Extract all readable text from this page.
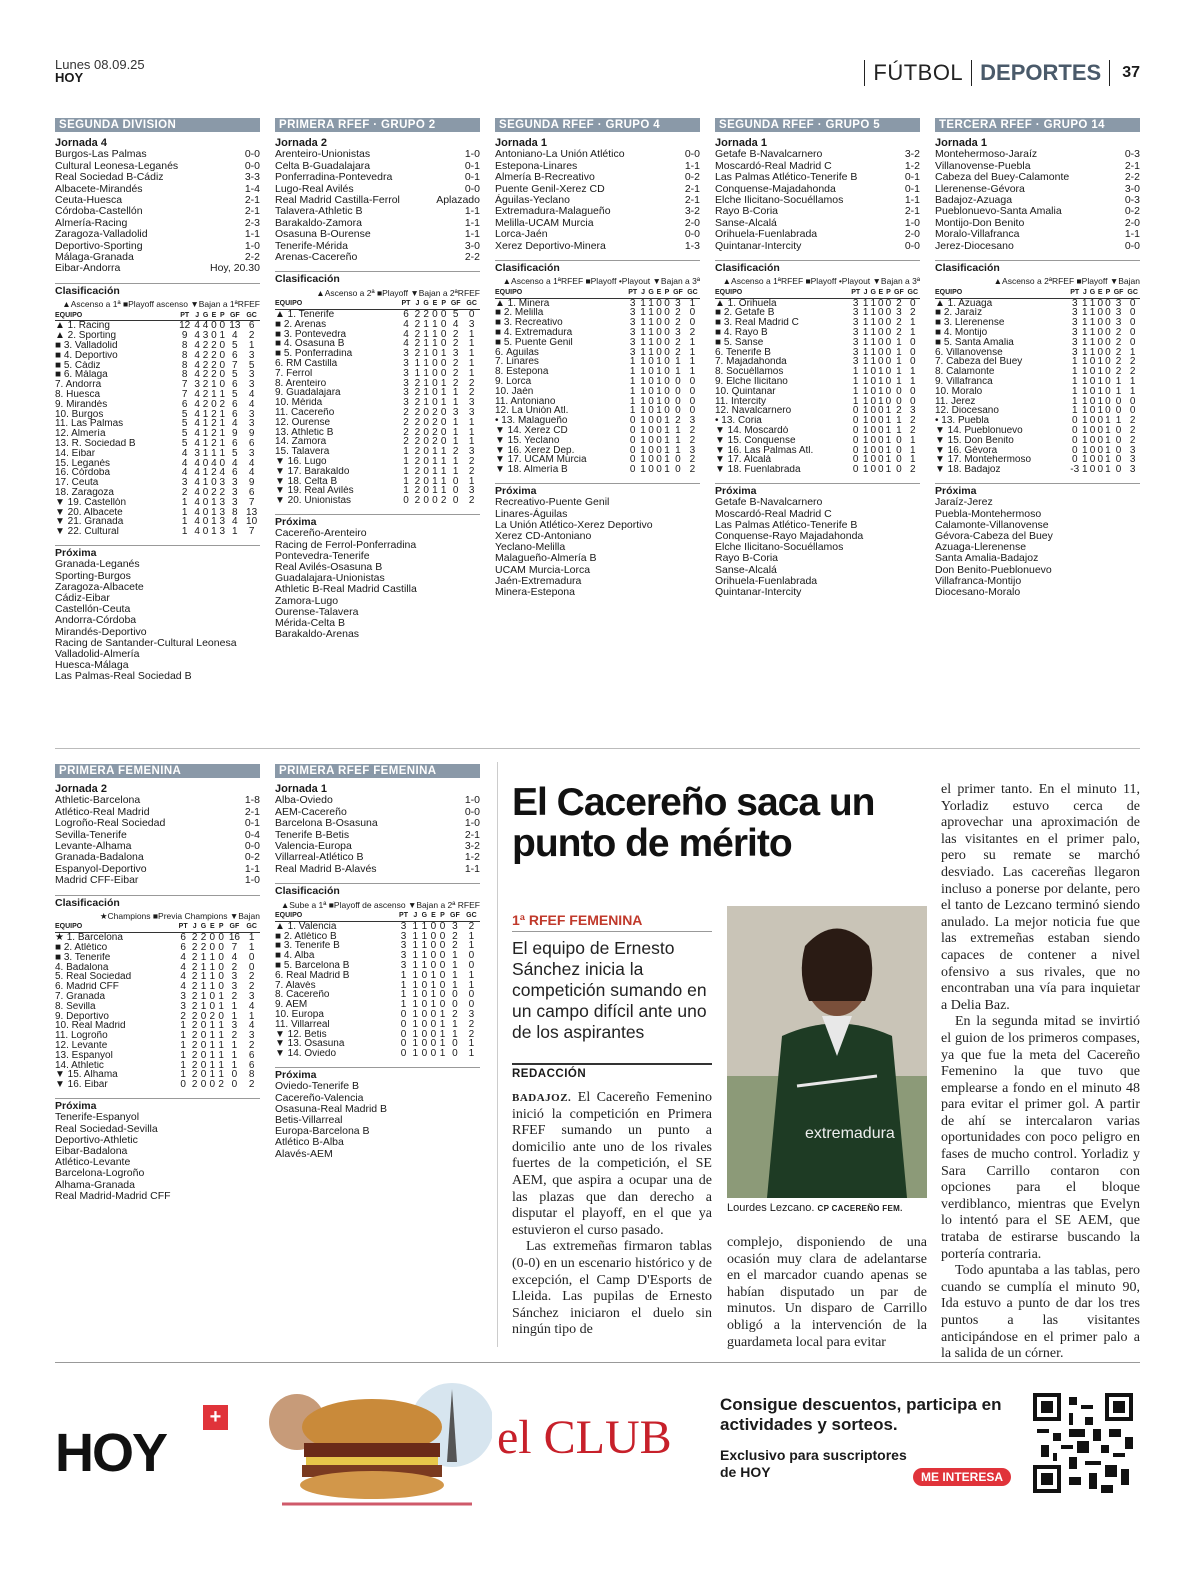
Lunes 08.09.25
HOY	FÚTBOL DEPORTES 37
SEGUNDA DIVISION
Jornada 4
Burgos-Las Palmas	0-0
Cultural Leonesa-Leganés	0-0
Real Sociedad B-Cádiz	3-3
Albacete-Mirandés	1-4
Ceuta-Huesca	2-1
Córdoba-Castellón	2-1
Almería-Racing	2-3
Zaragoza-Valladolid	1-1
Deportivo-Sporting	1-0
Málaga-Granada	2-2
Eibar-Andorra	Hoy, 20.30
Clasificación
▲Ascenso a 1ª ■Playoff ascenso ▼Bajan a 1ªRFEF
EQUIPO	PT	J	G	E	P	GF	GC
▲ 1. Racing	12	4	4	0	0	13	6
▲ 2. Sporting	9	4	3	0	1	4	2
■ 3. Valladolid	8	4	2	2	0	5	1
■ 4. Deportivo	8	4	2	2	0	6	3
■ 5. Cádiz	8	4	2	2	0	7	5
■ 6. Málaga	8	4	2	2	0	5	3
7. Andorra	7	3	2	1	0	6	3
8. Huesca	7	4	2	1	1	5	4
9. Mirandés	6	4	2	0	2	6	4
10. Burgos	5	4	1	2	1	6	3
11. Las Palmas	5	4	1	2	1	4	3
12. Almería	5	4	1	2	1	9	9
13. R. Sociedad B	5	4	1	2	1	6	6
14. Eibar	4	3	1	1	1	5	3
15. Leganés	4	4	0	4	0	4	4
16. Córdoba	4	4	1	2	4	6	4
17. Ceuta	3	4	1	0	3	3	9
18. Zaragoza	2	4	0	2	2	3	6
▼ 19. Castellón	1	4	0	1	3	3	7
▼ 20. Albacete	1	4	0	1	3	8	13
▼ 21. Granada	1	4	0	1	3	4	10
▼ 22. Cultural	1	4	0	1	3	1	7
Próxima
Granada-Leganés
Sporting-Burgos
Zaragoza-Albacete
Cádiz-Eibar
Castellón-Ceuta
Andorra-Córdoba
Mirandés-Deportivo
Racing de Santander-Cultural Leonesa
Valladolid-Almería
Huesca-Málaga
Las Palmas-Real Sociedad B
PRIMERA RFEF · GRUPO 2
Jornada 2
Arenteiro-Unionistas	1-0
Celta B-Guadalajara	0-1
Ponferradina-Pontevedra	0-1
Lugo-Real Avilés	0-0
Real Madrid Castilla-Ferrol	Aplazado
Talavera-Athletic B	1-1
Barakaldo-Zamora	1-1
Osasuna B-Ourense	1-1
Tenerife-Mérida	3-0
Arenas-Cacereño	2-2
Clasificación
▲Ascenso a 2ª ■Playoff ▼Bajan a 2ªRFEF
EQUIPO	PT	J	G	E	P	GF	GC
▲ 1. Tenerife	6	2	2	0	0	5	0
■ 2. Arenas	4	2	1	1	0	4	3
■ 3. Pontevedra	4	2	1	1	0	2	1
■ 4. Osasuna B	4	2	1	1	0	2	1
■ 5. Ponferradina	3	2	1	0	1	3	1
6. RM Castilla	3	1	1	0	0	2	1
7. Ferrol	3	1	1	0	0	2	1
8. Arenteiro	3	2	1	0	1	2	2
9. Guadalajara	3	2	1	0	1	1	2
10. Mérida	3	2	1	0	1	1	3
11. Cacereño	2	2	0	2	0	3	3
12. Ourense	2	2	0	2	0	1	1
13. Athletic B	2	2	0	2	0	1	1
14. Zamora	2	2	0	2	0	1	1
15. Talavera	1	2	0	1	1	2	3
▼ 16. Lugo	1	2	0	1	1	1	2
▼ 17. Barakaldo	1	2	0	1	1	1	2
▼ 18. Celta B	1	2	0	1	1	0	1
▼ 19. Real Avilés	1	2	0	1	1	0	3
▼ 20. Unionistas	0	2	0	0	2	0	2
Próxima
Cacereño-Arenteiro
Racing de Ferrol-Ponferradina
Pontevedra-Tenerife
Real Avilés-Osasuna B
Guadalajara-Unionistas
Athletic B-Real Madrid Castilla
Zamora-Lugo
Ourense-Talavera
Mérida-Celta B
Barakaldo-Arenas
SEGUNDA RFEF · GRUPO 4
Jornada 1
Antoniano-La Unión Atlético	0-0
Estepona-Linares	1-1
Almería B-Recreativo	0-2
Puente Genil-Xerez CD	2-1
Águilas-Yeclano	2-1
Extremadura-Malagueño	3-2
Melilla-UCAM Murcia	2-0
Lorca-Jaén	0-0
Xerez Deportivo-Minera	1-3
Clasificación
▲Ascenso a 1ªRFEF ■Playoff •Playout ▼Bajan a 3ª
EQUIPO	PT	J	G	E	P	GF	GC
▲ 1. Minera	3	1	1	0	0	3	1
■ 2. Melilla	3	1	1	0	0	2	0
■ 3. Recreativo	3	1	1	0	0	2	0
■ 4. Extremadura	3	1	1	0	0	3	2
■ 5. Puente Genil	3	1	1	0	0	2	1
6. Águilas	3	1	1	0	0	2	1
7. Linares	1	1	0	1	0	1	1
8. Estepona	1	1	0	1	0	1	1
9. Lorca	1	1	0	1	0	0	0
10. Jaén	1	1	0	1	0	0	0
11. Antoniano	1	1	0	1	0	0	0
12. La Unión Atl.	1	1	0	1	0	0	0
• 13. Malagueño	0	1	0	0	1	2	3
▼ 14. Xerez CD	0	1	0	0	1	1	2
▼ 15. Yeclano	0	1	0	0	1	1	2
▼ 16. Xerez Dep.	0	1	0	0	1	1	3
▼ 17. UCAM Murcia	0	1	0	0	1	0	2
▼ 18. Almería B	0	1	0	0	1	0	2
Próxima
Recreativo-Puente Genil
Linares-Águilas
La Unión Atlético-Xerez Deportivo
Xerez CD-Antoniano
Yeclano-Melilla
Malagueño-Almería B
UCAM Murcia-Lorca
Jaén-Extremadura
Minera-Estepona
SEGUNDA RFEF · GRUPO 5
Jornada 1
Getafe B-Navalcarnero	3-2
Moscardó-Real Madrid C	1-2
Las Palmas Atlético-Tenerife B	0-1
Conquense-Majadahonda	0-1
Elche Ilicitano-Socuéllamos	1-1
Rayo B-Coria	2-1
Sanse-Alcalá	1-0
Orihuela-Fuenlabrada	2-0
Quintanar-Intercity	0-0
Clasificación
▲Ascenso a 1ªRFEF ■Playoff •Playout ▼Bajan a 3ª
EQUIPO	PT	J	G	E	P	GF	GC
▲ 1. Orihuela	3	1	1	0	0	2	0
■ 2. Getafe B	3	1	1	0	0	3	2
■ 3. Real Madrid C	3	1	1	0	0	2	1
■ 4. Rayo B	3	1	1	0	0	2	1
■ 5. Sanse	3	1	1	0	0	1	0
6. Tenerife B	3	1	1	0	0	1	0
7. Majadahonda	3	1	1	0	0	1	0
8. Socuéllamos	1	1	0	1	0	1	1
9. Elche Ilicitano	1	1	0	1	0	1	1
10. Quintanar	1	1	0	1	0	0	0
11. Intercity	1	1	0	1	0	0	0
12. Navalcarnero	0	1	0	0	1	2	3
• 13. Coria	0	1	0	0	1	1	2
▼ 14. Moscardó	0	1	0	0	1	1	2
▼ 15. Conquense	0	1	0	0	1	0	1
▼ 16. Las Palmas Atl.	0	1	0	0	1	0	1
▼ 17. Alcalá	0	1	0	0	1	0	1
▼ 18. Fuenlabrada	0	1	0	0	1	0	2
Próxima
Getafe B-Navalcarnero
Moscardó-Real Madrid C
Las Palmas Atlético-Tenerife B
Conquense-Rayo Majadahonda
Elche Ilicitano-Socuéllamos
Rayo B-Coria
Sanse-Alcalá
Orihuela-Fuenlabrada
Quintanar-Intercity
TERCERA RFEF · GRUPO 14
Jornada 1
Montehermoso-Jaraíz	0-3
Villanovense-Puebla	2-1
Cabeza del Buey-Calamonte	2-2
Llerenense-Gévora	3-0
Badajoz-Azuaga	0-3
Pueblonuevo-Santa Amalia	0-2
Montijo-Don Benito	2-0
Moralo-Villafranca	1-1
Jerez-Diocesano	0-0
Clasificación
▲Ascenso a 2ªRFEF ■Playoff ▼Bajan
EQUIPO	PT	J	G	E	P	GF	GC
▲ 1. Azuaga	3	1	1	0	0	3	0
■ 2. Jaraíz	3	1	1	0	0	3	0
■ 3. Llerenense	3	1	1	0	0	3	0
■ 4. Montijo	3	1	1	0	0	2	0
■ 5. Santa Amalia	3	1	1	0	0	2	0
6. Villanovense	3	1	1	0	0	2	1
7. Cabeza del Buey	1	1	0	1	0	2	2
8. Calamonte	1	1	0	1	0	2	2
9. Villafranca	1	1	0	1	0	1	1
10. Moralo	1	1	0	1	0	1	1
11. Jerez	1	1	0	1	0	0	0
12. Diocesano	1	1	0	1	0	0	0
• 13. Puebla	0	1	0	0	1	1	2
▼ 14. Pueblonuevo	0	1	0	0	1	0	2
▼ 15. Don Benito	0	1	0	0	1	0	2
▼ 16. Gévora	0	1	0	0	1	0	3
▼ 17. Montehermoso	0	1	0	0	1	0	3
▼ 18. Badajoz	-3	1	0	0	1	0	3
Próxima
Jaraíz-Jerez
Puebla-Montehermoso
Calamonte-Villanovense
Gévora-Cabeza del Buey
Azuaga-Llerenense
Santa Amalia-Badajoz
Don Benito-Pueblonuevo
Villafranca-Montijo
Diocesano-Moralo
PRIMERA FEMENINA
Jornada 2
Athletic-Barcelona	1-8
Atlético-Real Madrid	2-1
Logroño-Real Sociedad	0-1
Sevilla-Tenerife	0-4
Levante-Alhama	0-0
Granada-Badalona	0-2
Espanyol-Deportivo	1-1
Madrid CFF-Eibar	1-0
Clasificación
★Champions ■Previa Champions ▼Bajan
EQUIPO	PT	J	G	E	P	GF	GC
★ 1. Barcelona	6	2	2	0	0	16	1
■ 2. Atlético	6	2	2	0	0	7	1
■ 3. Tenerife	4	2	1	1	0	4	0
4. Badalona	4	2	1	1	0	2	0
5. Real Sociedad	4	2	1	1	0	3	2
6. Madrid CFF	4	2	1	1	0	3	2
7. Granada	3	2	1	0	1	2	3
8. Sevilla	3	2	1	0	1	1	4
9. Deportivo	2	2	0	2	0	1	1
10. Real Madrid	1	2	0	1	1	3	4
11. Logroño	1	2	0	1	1	2	3
12. Levante	1	2	0	1	1	1	2
13. Espanyol	1	2	0	1	1	1	6
14. Athletic	1	2	0	1	1	1	6
▼ 15. Alhama	1	2	0	1	1	0	8
▼ 16. Eibar	0	2	0	0	2	0	2
Próxima
Tenerife-Espanyol
Real Sociedad-Sevilla
Deportivo-Athletic
Eibar-Badalona
Atlético-Levante
Barcelona-Logroño
Alhama-Granada
Real Madrid-Madrid CFF
PRIMERA RFEF FEMENINA
Jornada 1
Alba-Oviedo	1-0
AEM-Cacereño	0-0
Barcelona B-Osasuna	1-0
Tenerife B-Betis	2-1
Valencia-Europa	3-2
Villarreal-Atlético B	1-2
Real Madrid B-Alavés	1-1
Clasificación
▲Sube a 1ª ■Playoff de ascenso ▼Bajan a 2ª RFEF
EQUIPO	PT	J	G	E	P	GF	GC
▲ 1. Valencia	3	1	1	0	0	3	2
■ 2. Atlético B	3	1	1	0	0	2	1
■ 3. Tenerife B	3	1	1	0	0	2	1
■ 4. Alba	3	1	1	0	0	1	0
■ 5. Barcelona B	3	1	1	0	0	1	0
6. Real Madrid B	1	1	0	1	0	1	1
7. Alavés	1	1	0	1	0	1	1
8. Cacereño	1	1	0	1	0	0	0
9. AEM	1	1	0	1	0	0	0
10. Europa	0	1	0	0	1	2	3
11. Villarreal	0	1	0	0	1	1	2
▼ 12. Betis	0	1	0	0	1	1	2
▼ 13. Osasuna	0	1	0	0	1	0	1
▼ 14. Oviedo	0	1	0	0	1	0	1
Próxima
Oviedo-Tenerife B
Cacereño-Valencia
Osasuna-Real Madrid B
Betis-Villarreal
Europa-Barcelona B
Atlético B-Alba
Alavés-AEM
El Cacereño saca un punto de mérito
1ª RFEF FEMENINA
El equipo de Ernesto Sánchez inicia la competición sumando en un campo difícil ante uno de los aspirantes
REDACCIÓN

BADAJOZ. El Cacereño Femenino inició la competición en Primera RFEF sumando un punto a domicilio ante uno de los rivales fuertes de la competición, el SE AEM, que aspira a ocupar una de las plazas que dan derecho a disputar el playoff, en el que ya estuvieron el curso pasado.

Las extremeñas firmaron tablas (0-0) en un escenario histórico y de excepción, el Camp D'Esports de Lleida. Las pupilas de Ernesto Sánchez iniciaron el duelo sin ningún tipo de

extremadura
Lourdes Lezcano. CP CACEREÑO FEM.

complejo, disponiendo de una ocasión muy clara de adelantarse en el marcador cuando apenas se habían disputado un par de minutos. Un disparo de Carrillo obligó a la intervención de la guardameta local para evitar

el primer tanto. En el minuto 11, Yorladiz estuvo cerca de aprovechar una aproximación de las visitantes en el primer palo, pero su remate se marchó desviado. Las cacereñas llegaron incluso a ponerse por delante, pero el tanto de Lezcano terminó siendo anulado. La mejor noticia fue que las extremeñas estaban siendo capaces de contener a nivel ofensivo a sus rivales, que no encontraban una vía para inquietar a Delia Baz.

En la segunda mitad se invirtió el guion de los primeros compases, ya que fue la meta del Cacereño Femenino la que tuvo que emplearse a fondo en el minuto 48 para evitar el primer gol. A partir de ahí se intercalaron varias oportunidades con poco peligro en fases de mucho control. Yorladiz y Sara Carrillo contaron con opciones para el bloque verdiblanco, mientras que Evelyn lo intentó para el SE AEM, que trataba de estirarse buscando la portería contraria.

Todo apuntaba a las tablas, pero cuando se cumplía el minuto 90, Ida estuvo a punto de dar los tres puntos a las visitantes anticipándose en el primer palo a la salida de un córner.

HOY
+	el CLUB
Consigue descuentos, participa en actividades y sorteos.
Exclusivo para suscriptores
de HOY	ME INTERESA
